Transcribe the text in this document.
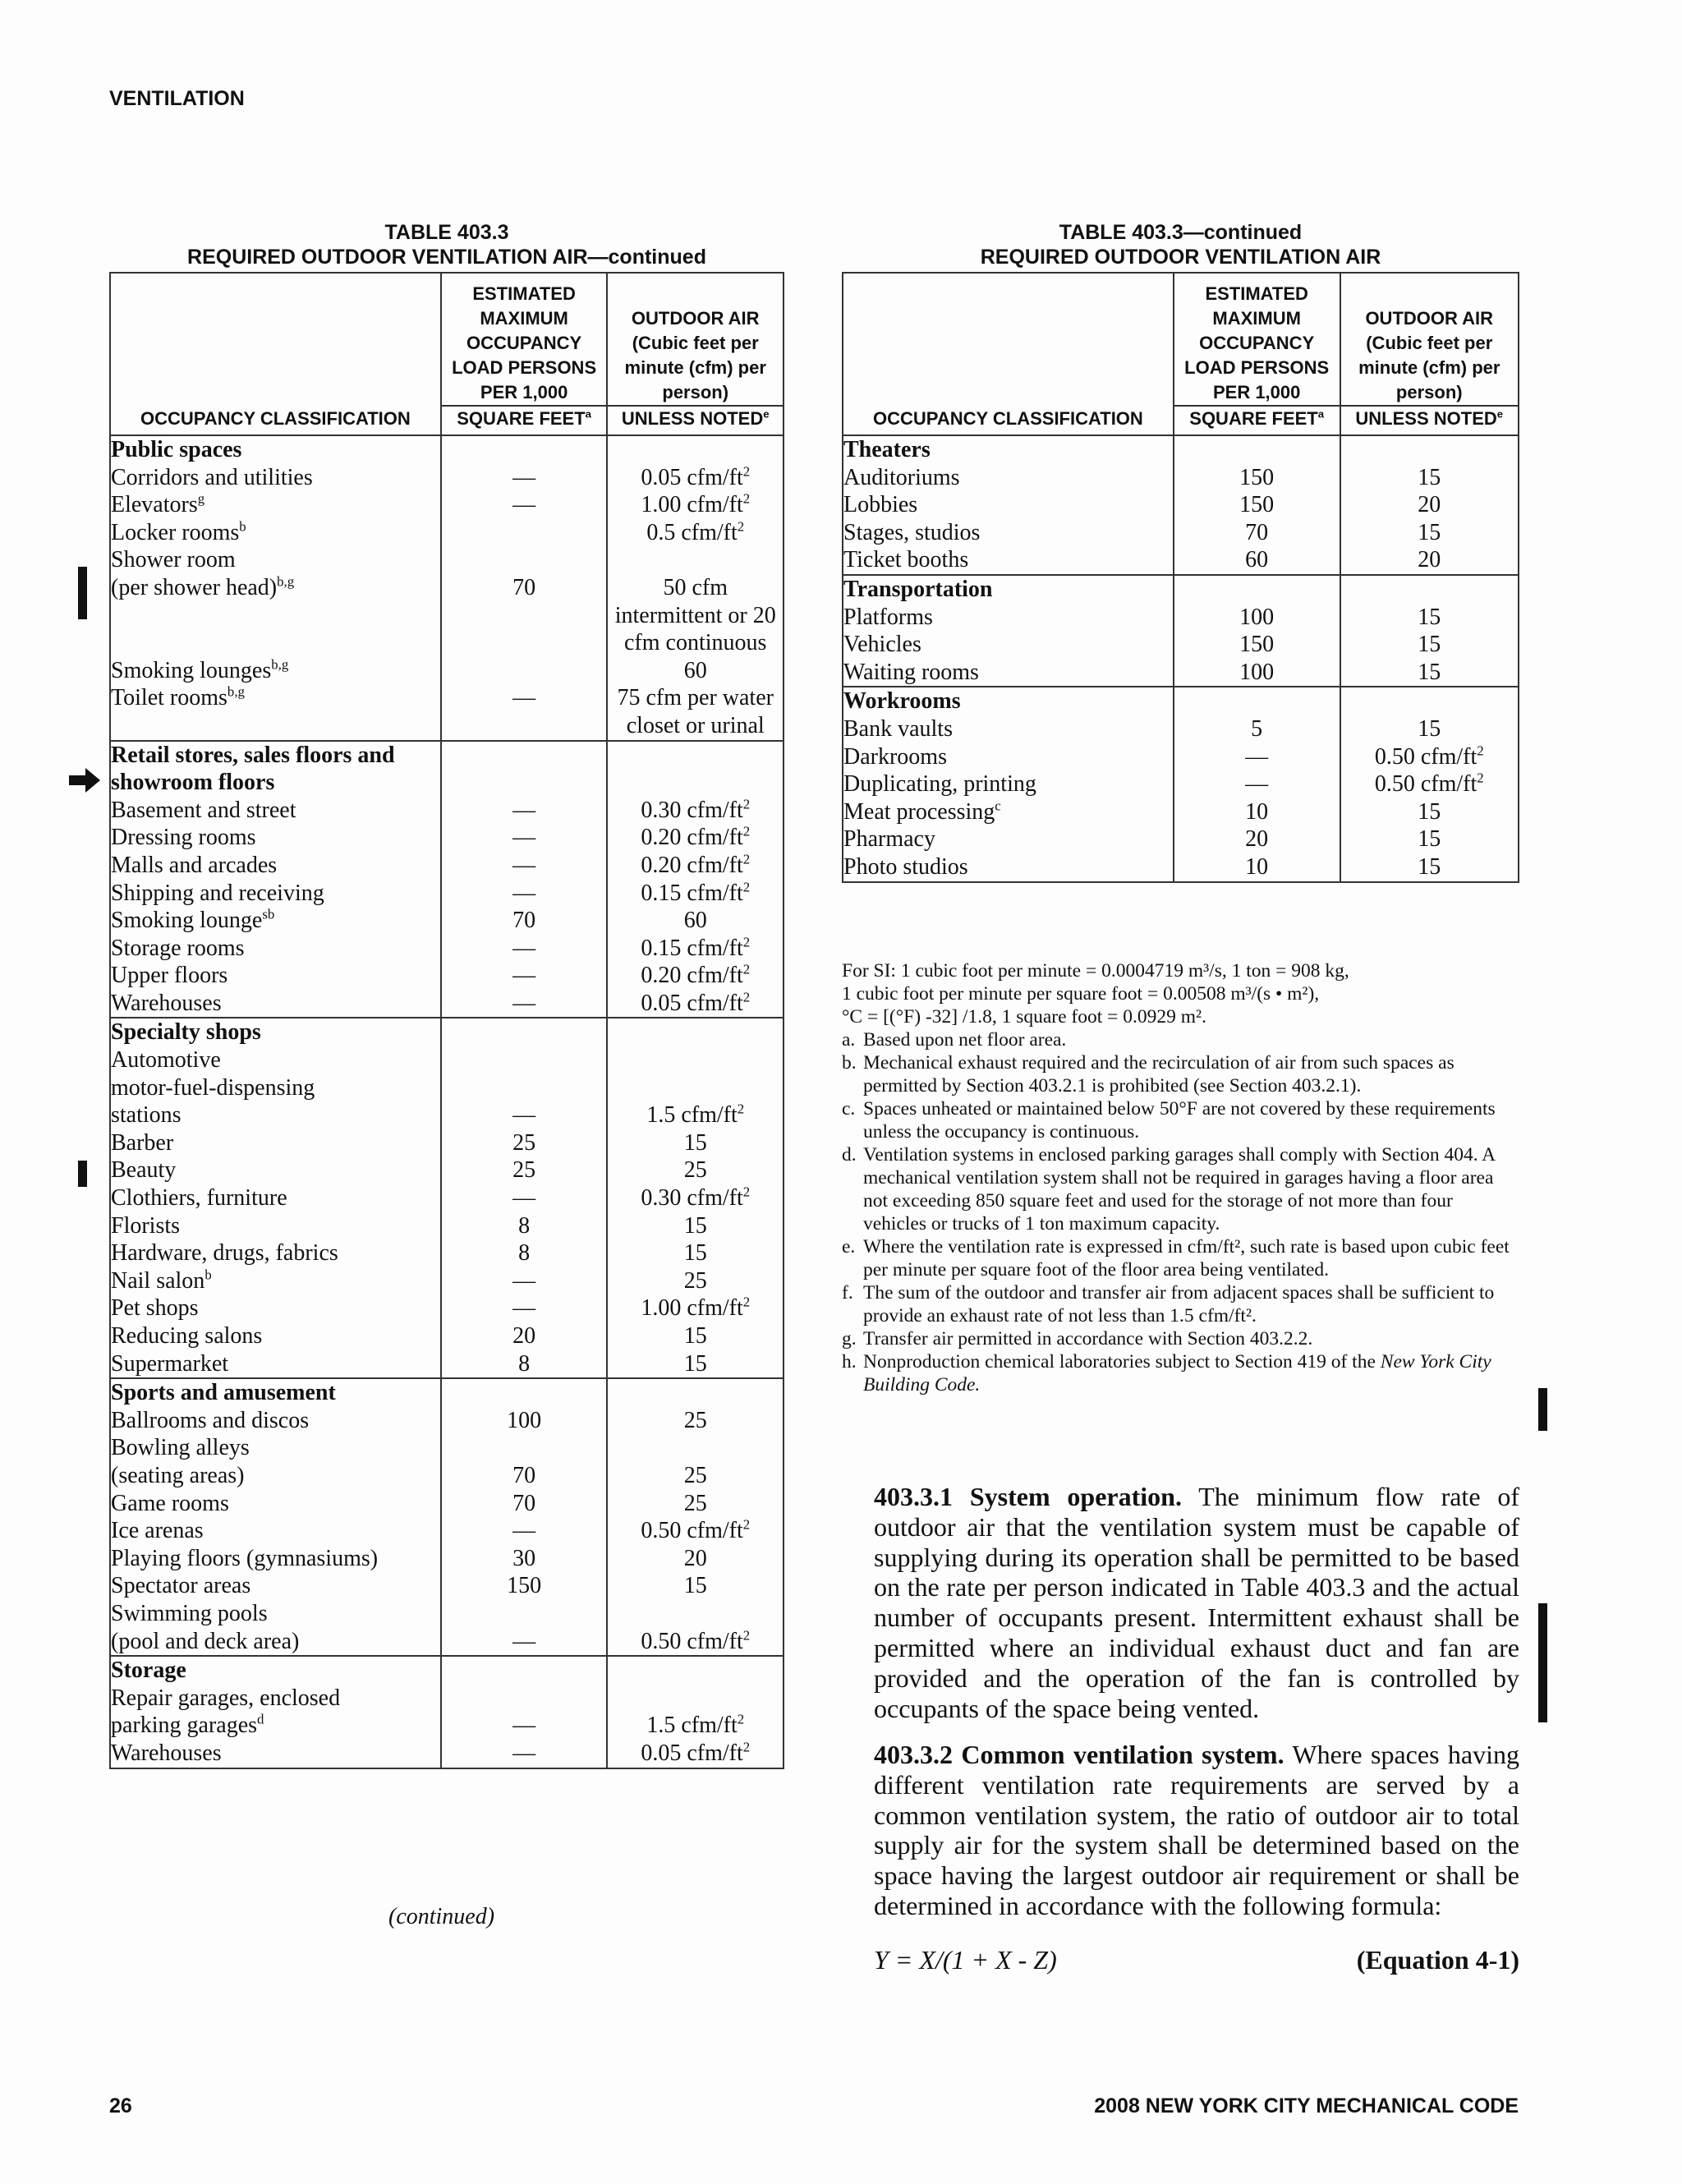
VENTILATION
TABLE 403.3
REQUIRED OUTDOOR VENTILATION AIR—continued
OCCUPANCY CLASSIFICATION	ESTIMATED MAXIMUM OCCUPANCY LOAD PERSONS PER 1,000	OUTDOOR AIR (Cubic feet per minute (cfm) per person)
	SQUARE FEET$^a$	UNLESS NOTED$^e$
Public spaces		
Corridors and utilities	—	0.05 cfm/$ft^2$
Elevators$^g$	—	1.00 cfm/$ft^2$
Locker rooms$^b$		0.5 cfm/$ft^2$
Shower room		
(per shower head)$^{b,g}$	70	50 cfm intermittent or 20 cfm continuous
Smoking lounges$^{b,g}$		60
Toilet rooms$^{b,g}$	—	75 cfm per water closet or urinal
Retail stores, sales floors and showroom floors		
Basement and street	—	0.30 cfm/$ft^2$
Dressing rooms	—	0.20 cfm/$ft^2$
Malls and arcades	—	0.20 cfm/$ft^2$
Shipping and receiving	—	0.15 cfm/$ft^2$
Smoking lounge$^{sb}$	70	60
Storage rooms	—	0.15 cfm/$ft^2$
Upper floors	—	0.20 cfm/$ft^2$
Warehouses	—	0.05 cfm/$ft^2$
Specialty shops		
Automotive		
motor-fuel-dispensing		
stations	—	1.5 cfm/$ft^2$
Barber	25	15
Beauty	25	25
Clothiers, furniture	—	0.30 cfm/$ft^2$
Florists	8	15
Hardware, drugs, fabrics	8	15
Nail salon$^b$	—	25
Pet shops	—	1.00 cfm/$ft^2$
Reducing salons	20	15
Supermarket	8	15
Sports and amusement		
Ballrooms and discos	100	25
Bowling alleys		
(seating areas)	70	25
Game rooms	70	25
Ice arenas	—	0.50 cfm/$ft^2$
Playing floors (gymnasiums)	30	20
Spectator areas	150	15
Swimming pools		
(pool and deck area)	—	0.50 cfm/$ft^2$
Storage		
Repair garages, enclosed		
parking garages$^d$	—	1.5 cfm/$ft^2$
Warehouses	—	0.05 cfm/$ft^2$
(continued)
TABLE 403.3—continued
REQUIRED OUTDOOR VENTILATION AIR
OCCUPANCY CLASSIFICATION	ESTIMATED MAXIMUM OCCUPANCY LOAD PERSONS PER 1,000	OUTDOOR AIR (Cubic feet per minute (cfm) per person)
	SQUARE FEET$^a$	UNLESS NOTED$^e$
Theaters		
Auditoriums	150	15
Lobbies	150	20
Stages, studios	70	15
Ticket booths	60	20
Transportation		
Platforms	100	15
Vehicles	150	15
Waiting rooms	100	15
Workrooms		
Bank vaults	5	15
Darkrooms	—	0.50 cfm/$ft^2$
Duplicating, printing	—	0.50 cfm/$ft^2$
Meat processing$^c$	10	15
Pharmacy	20	15
Photo studios	10	15
For SI: 1 cubic foot per minute = 0.0004719 m³/s, 1 ton = 908 kg,
1 cubic foot per minute per square foot = 0.00508 m³/(s • m²),
°C = [(°F) -32] /1.8, 1 square foot = 0.0929 m².
a. Based upon net floor area.
b. Mechanical exhaust required and the recirculation of air from such spaces as permitted by Section 403.2.1 is prohibited (see Section 403.2.1).
c. Spaces unheated or maintained below 50°F are not covered by these requirements unless the occupancy is continuous.
d. Ventilation systems in enclosed parking garages shall comply with Section 404. A mechanical ventilation system shall not be required in garages having a floor area not exceeding 850 square feet and used for the storage of not more than four vehicles or trucks of 1 ton maximum capacity.
e. Where the ventilation rate is expressed in cfm/ft², such rate is based upon cubic feet per minute per square foot of the floor area being ventilated.
f. The sum of the outdoor and transfer air from adjacent spaces shall be sufficient to provide an exhaust rate of not less than 1.5 cfm/ft².
g. Transfer air permitted in accordance with Section 403.2.2.
h. Nonproduction chemical laboratories subject to Section 419 of the New York City Building Code.
403.3.1 System operation. The minimum flow rate of outdoor air that the ventilation system must be capable of supplying during its operation shall be permitted to be based on the rate per person indicated in Table 403.3 and the actual number of occupants present. Intermittent exhaust shall be permitted where an individual exhaust duct and fan are provided and the operation of the fan is controlled by occupants of the space being vented.
403.3.2 Common ventilation system. Where spaces having different ventilation rate requirements are served by a common ventilation system, the ratio of outdoor air to total supply air for the system shall be determined based on the space having the largest outdoor air requirement or shall be determined in accordance with the following formula:
Y = X/(1 + X - Z)	(Equation 4-1)
26	2008 NEW YORK CITY MECHANICAL CODE
